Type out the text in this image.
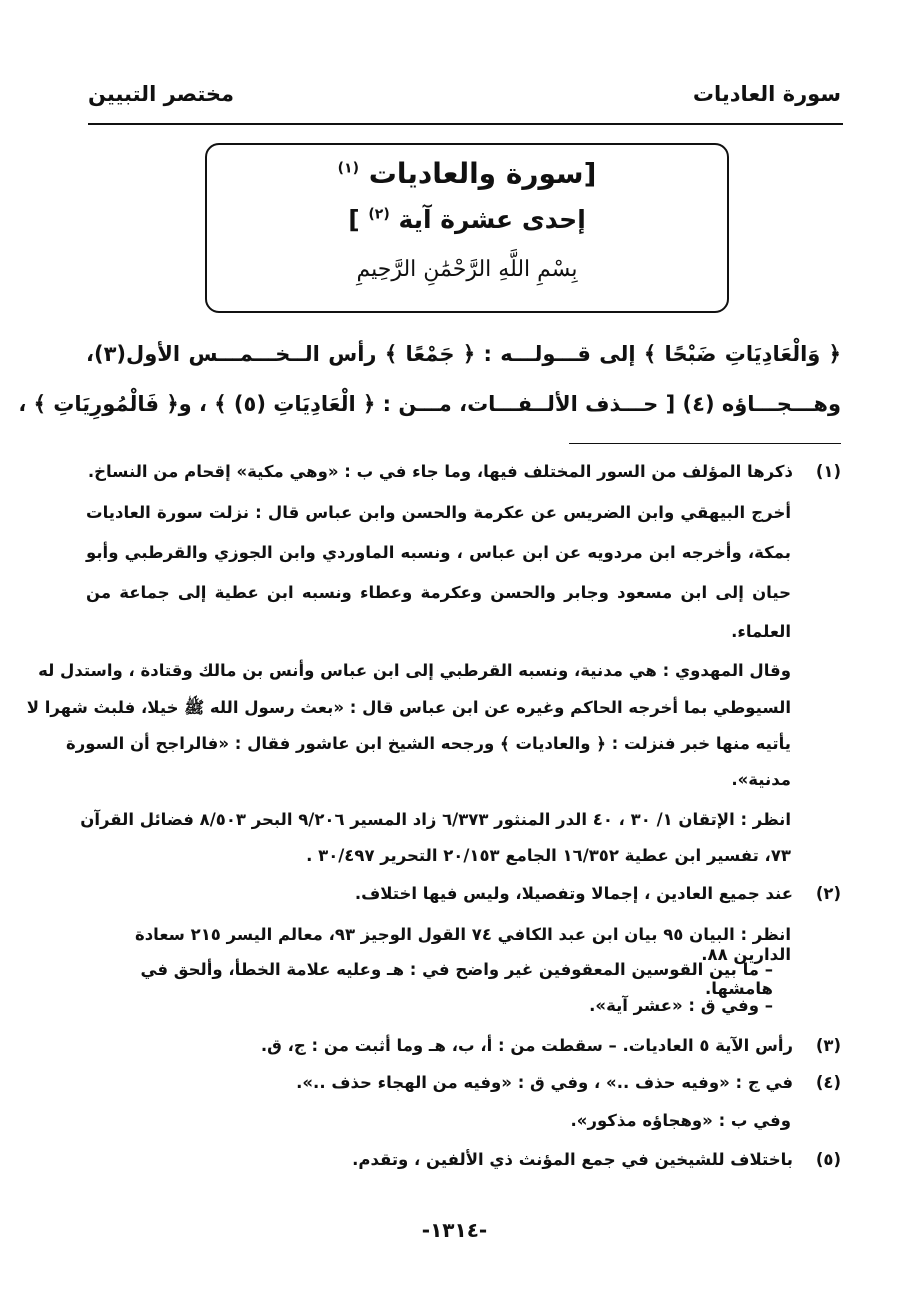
سورة العاديات
مختصر التبيين
[سورة والعاديات $^{(١)}$
إحدى عشرة آية $^{(٢)}$ ]
بِسْمِ اللَّهِ الرَّحْمَٰنِ الرَّحِيمِ
﴿ وَالْعَادِيَاتِ ضَبْحًا ﴾ إلى قـــولـــه : ﴿ جَمْعًا ﴾ رأس الــخـــمـــس الأول(٣)،
وهـــجـــاؤه (٤) [ حـــذف الألــفـــات، مـــن : ﴿ الْعَادِيَاتِ (٥) ﴾ ، و﴿ فَالْمُورِيَاتِ ﴾ ،
(١)
ذكرها المؤلف من السور المختلف فيها، وما جاء في ب : «وهي مكية» إقحام من النساخ.
أخرج البيهقي وابن الضريس عن عكرمة والحسن وابن عباس قال : نزلت سورة العاديات
بمكة، وأخرجه ابن مردويه عن ابن عباس ، ونسبه الماوردي وابن الجوزي والقرطبي وأبو
حيان إلى ابن مسعود وجابر والحسن وعكرمة وعطاء ونسبه ابن عطية إلى جماعة من
العلماء.
وقال المهدوي : هي مدنية، ونسبه القرطبي إلى ابن عباس وأنس بن مالك وقتادة ، واستدل له
السيوطي بما أخرجه الحاكم وغيره عن ابن عباس قال : «بعث رسول الله ﷺ خيلا، فلبث شهرا لا
يأتيه منها خبر فنزلت : ﴿ والعاديات ﴾ ورجحه الشيخ ابن عاشور فقال : «فالراجح أن السورة
مدنية».
انظر : الإتقان ١/ ٣٠ ، ٤٠ الدر المنثور ٦/٣٧٣ زاد المسير ٩/٢٠٦ البحر ٨/٥٠٣ فضائل القرآن
٧٣، تفسير ابن عطية ١٦/٣٥٢ الجامع ٢٠/١٥٣ التحرير ٣٠/٤٩٧ .
(٢)
عند جميع العادين ، إجمالا وتفصيلا، وليس فيها اختلاف.
انظر : البيان ٩٥ بيان ابن عبد الكافي ٧٤ القول الوجيز ٩٣، معالم اليسر ٢١٥ سعادة الدارين ٨٨.
– ما بين القوسين المعقوفين غير واضح في : هـ وعليه علامة الخطأ، وألحق في هامشها.
– وفي ق : «عشر آية».
(٣)
رأس الآية ٥ العاديات. – سقطت من : أ، ب، هـ وما أثبت من : ج، ق.
(٤)
في ج : «وفيه حذف ..» ، وفي ق : «وفيه من الهجاء حذف ..».
وفي ب : «وهجاؤه مذكور».
(٥)
باختلاف للشيخين في جمع المؤنث ذي الألفين ، وتقدم.
-١٣١٤-
